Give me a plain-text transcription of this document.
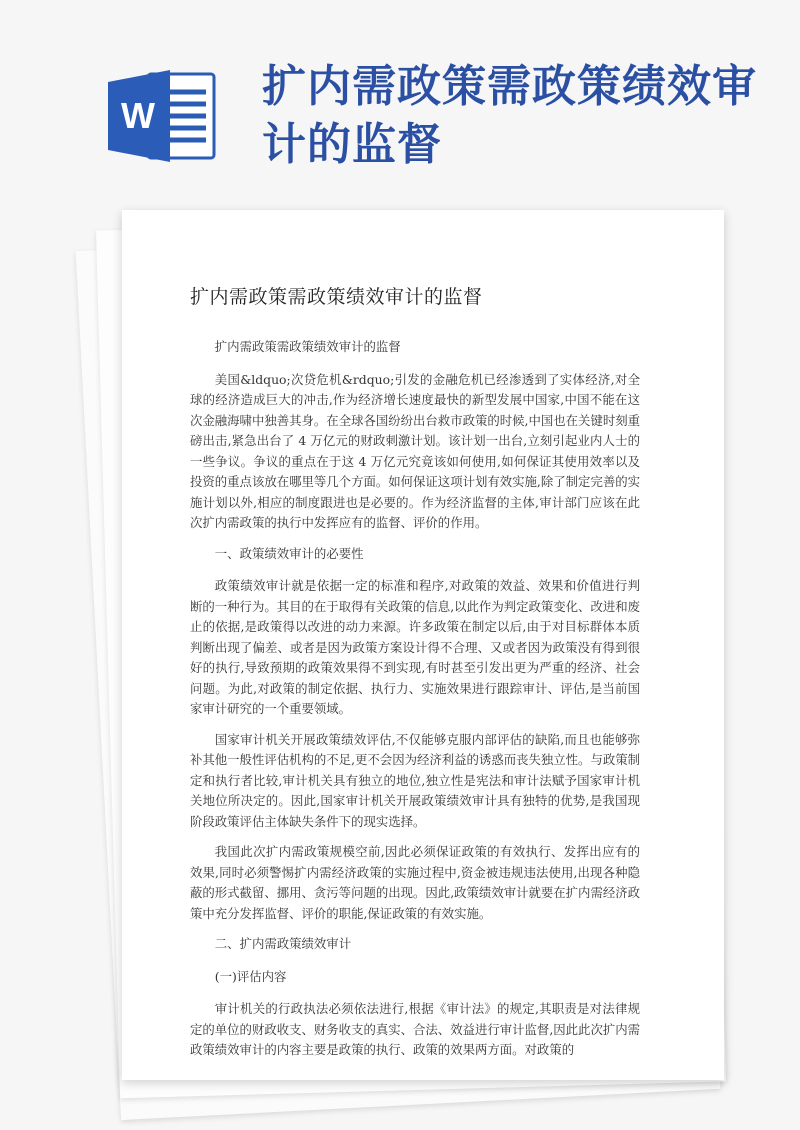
W
扩内需政策需政策绩效审计的监督
扩内需政策需政策绩效审计的监督

扩内需政策需政策绩效审计的监督

美国&ldquo;次贷危机&rdquo;引发的金融危机已经渗透到了实体经济,对全球的经济造成巨大的冲击,作为经济增长速度最快的新型发展中国家,中国不能在这次金融海啸中独善其身。在全球各国纷纷出台救市政策的时候,中国也在关键时刻重磅出击,紧急出台了 4 万亿元的财政刺激计划。该计划一出台,立刻引起业内人士的一些争议。争议的重点在于这 4 万亿元究竟该如何使用,如何保证其使用效率以及投资的重点该放在哪里等几个方面。如何保证这项计划有效实施,除了制定完善的实施计划以外,相应的制度跟进也是必要的。作为经济监督的主体,审计部门应该在此次扩内需政策的执行中发挥应有的监督、评价的作用。

一、政策绩效审计的必要性

政策绩效审计就是依据一定的标准和程序,对政策的效益、效果和价值进行判断的一种行为。其目的在于取得有关政策的信息,以此作为判定政策变化、改进和废止的依据,是政策得以改进的动力来源。许多政策在制定以后,由于对目标群体本质判断出现了偏差、或者是因为政策方案设计得不合理、又或者因为政策没有得到很好的执行,导致预期的政策效果得不到实现,有时甚至引发出更为严重的经济、社会问题。为此,对政策的制定依据、执行力、实施效果进行跟踪审计、评估,是当前国家审计研究的一个重要领域。

国家审计机关开展政策绩效评估,不仅能够克服内部评估的缺陷,而且也能够弥补其他一般性评估机构的不足,更不会因为经济利益的诱惑而丧失独立性。与政策制定和执行者比较,审计机关具有独立的地位,独立性是宪法和审计法赋予国家审计机关地位所决定的。因此,国家审计机关开展政策绩效审计具有独特的优势,是我国现阶段政策评估主体缺失条件下的现实选择。

我国此次扩内需政策规模空前,因此必须保证政策的有效执行、发挥出应有的效果,同时必须警惕扩内需经济政策的实施过程中,资金被违规违法使用,出现各种隐蔽的形式截留、挪用、贪污等问题的出现。因此,政策绩效审计就要在扩内需经济政策中充分发挥监督、评价的职能,保证政策的有效实施。

二、扩内需政策绩效审计

(一)评估内容

审计机关的行政执法必须依法进行,根据《审计法》的规定,其职责是对法律规定的单位的财政收支、财务收支的真实、合法、效益进行审计监督,因此此次扩内需政策绩效审计的内容主要是政策的执行、政策的效果两方面。对政策的
